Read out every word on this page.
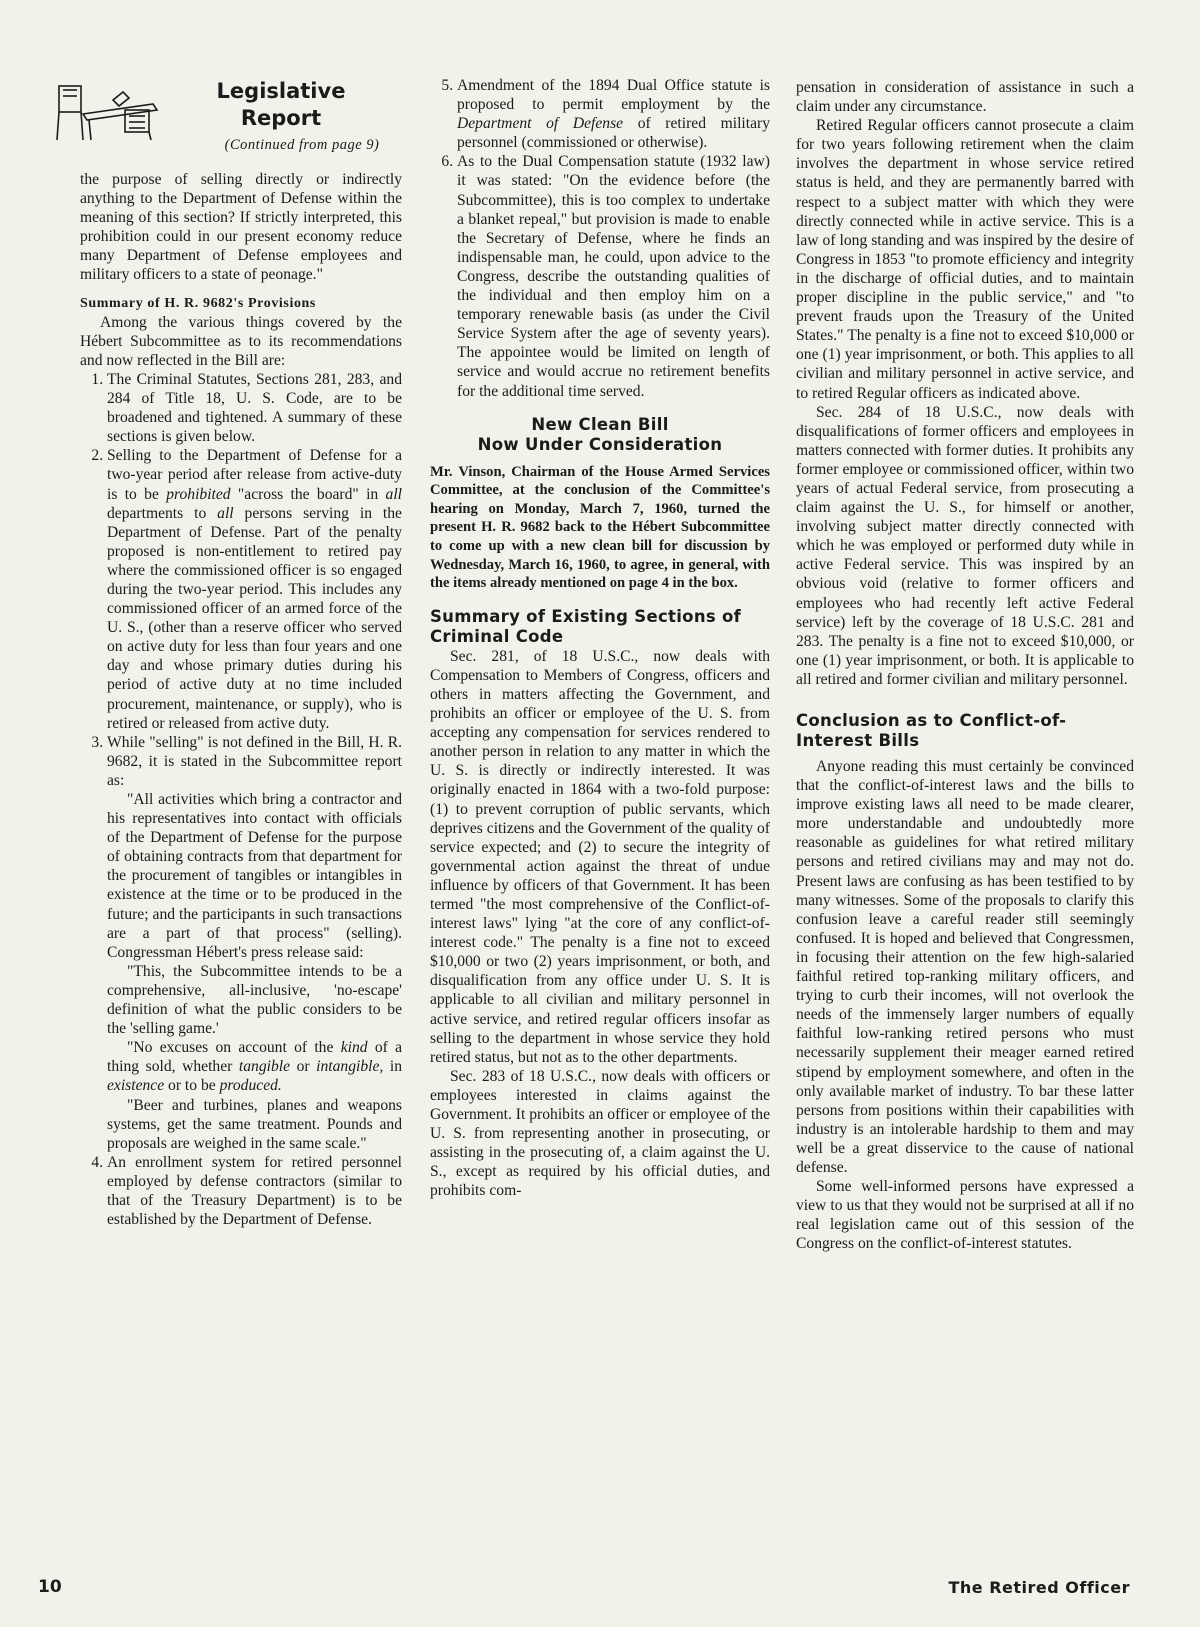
Legislative
Report
(Continued from page 9)

the purpose of selling directly or indirectly anything to the Department of Defense within the meaning of this section? If strictly interpreted, this prohibition could in our present economy reduce many Department of Defense employees and military officers to a state of peonage."

Summary of H. R. 9682's Provisions

Among the various things covered by the Hébert Subcommittee as to its recommendations and now reflected in the Bill are:

1. The Criminal Statutes, Sections 281, 283, and 284 of Title 18, U. S. Code, are to be broadened and tightened. A summary of these sections is given below.
2. Selling to the Department of Defense for a two-year period after release from active-duty is to be prohibited "across the board" in all departments to all persons serving in the Department of Defense. Part of the penalty proposed is non-entitlement to retired pay where the commissioned officer is so engaged during the two-year period. This includes any commissioned officer of an armed force of the U. S., (other than a reserve officer who served on active duty for less than four years and one day and whose primary duties during his period of active duty at no time included procurement, maintenance, or supply), who is retired or released from active duty.
3. While "selling" is not defined in the Bill, H. R. 9682, it is stated in the Subcommittee report as:

"All activities which bring a contractor and his representatives into contact with officials of the Department of Defense for the purpose of obtaining contracts from that department for the procurement of tangibles or intangibles in existence at the time or to be produced in the future; and the participants in such transactions are a part of that process" (selling). Congressman Hébert's press release said:

"This, the Subcommittee intends to be a comprehensive, all-inclusive, 'no-escape' definition of what the public considers to be the 'selling game.'

"No excuses on account of the kind of a thing sold, whether tangible or intangible, in existence or to be produced.

"Beer and turbines, planes and weapons systems, get the same treatment. Pounds and proposals are weighed in the same scale."

4. An enrollment system for retired personnel employed by defense contractors (similar to that of the Treasury Department) is to be established by the Department of Defense.
5. Amendment of the 1894 Dual Office statute is proposed to permit employment by the Department of Defense of retired military personnel (commissioned or otherwise).
6. As to the Dual Compensation statute (1932 law) it was stated: "On the evidence before (the Subcommittee), this is too complex to undertake a blanket repeal," but provision is made to enable the Secretary of Defense, where he finds an indispensable man, he could, upon advice to the Congress, describe the outstanding qualities of the individual and then employ him on a temporary renewable basis (as under the Civil Service System after the age of seventy years). The appointee would be limited on length of service and would accrue no retirement benefits for the additional time served.
New Clean Bill
Now Under Consideration

Mr. Vinson, Chairman of the House Armed Services Committee, at the conclusion of the Committee's hearing on Monday, March 7, 1960, turned the present H. R. 9682 back to the Hébert Subcommittee to come up with a new clean bill for discussion by Wednesday, March 16, 1960, to agree, in general, with the items already mentioned on page 4 in the box.

Summary of Existing Sections of Criminal Code

Sec. 281, of 18 U.S.C., now deals with Compensation to Members of Congress, officers and others in matters affecting the Government, and prohibits an officer or employee of the U. S. from accepting any compensation for services rendered to another person in relation to any matter in which the U. S. is directly or indirectly interested. It was originally enacted in 1864 with a two-fold purpose: (1) to prevent corruption of public servants, which deprives citizens and the Government of the quality of service expected; and (2) to secure the integrity of governmental action against the threat of undue influence by officers of that Government. It has been termed "the most comprehensive of the Conflict-of-interest laws" lying "at the core of any conflict-of-interest code." The penalty is a fine not to exceed $10,000 or two (2) years imprisonment, or both, and disqualification from any office under U. S. It is applicable to all civilian and military personnel in active service, and retired regular officers insofar as selling to the department in whose service they hold retired status, but not as to the other departments.

Sec. 283 of 18 U.S.C., now deals with officers or employees interested in claims against the Government. It prohibits an officer or employee of the U. S. from representing another in prosecuting, or assisting in the prosecuting of, a claim against the U. S., except as required by his official duties, and prohibits com-

pensation in consideration of assistance in such a claim under any circumstance.

Retired Regular officers cannot prosecute a claim for two years following retirement when the claim involves the department in whose service retired status is held, and they are permanently barred with respect to a subject matter with which they were directly connected while in active service. This is a law of long standing and was inspired by the desire of Congress in 1853 "to promote efficiency and integrity in the discharge of official duties, and to maintain proper discipline in the public service," and "to prevent frauds upon the Treasury of the United States." The penalty is a fine not to exceed $10,000 or one (1) year imprisonment, or both. This applies to all civilian and military personnel in active service, and to retired Regular officers as indicated above.

Sec. 284 of 18 U.S.C., now deals with disqualifications of former officers and employees in matters connected with former duties. It prohibits any former employee or commissioned officer, within two years of actual Federal service, from prosecuting a claim against the U. S., for himself or another, involving subject matter directly connected with which he was employed or performed duty while in active Federal service. This was inspired by an obvious void (relative to former officers and employees who had recently left active Federal service) left by the coverage of 18 U.S.C. 281 and 283. The penalty is a fine not to exceed $10,000, or one (1) year imprisonment, or both. It is applicable to all retired and former civilian and military personnel.

Conclusion as to Conflict-of-Interest Bills

Anyone reading this must certainly be convinced that the conflict-of-interest laws and the bills to improve existing laws all need to be made clearer, more understandable and undoubtedly more reasonable as guidelines for what retired military persons and retired civilians may and may not do. Present laws are confusing as has been testified to by many witnesses. Some of the proposals to clarify this confusion leave a careful reader still seemingly confused. It is hoped and believed that Congressmen, in focusing their attention on the few high-salaried faithful retired top-ranking military officers, and trying to curb their incomes, will not overlook the needs of the immensely larger numbers of equally faithful low-ranking retired persons who must necessarily supplement their meager earned retired stipend by employment somewhere, and often in the only available market of industry. To bar these latter persons from positions within their capabilities with industry is an intolerable hardship to them and may well be a great disservice to the cause of national defense.

Some well-informed persons have expressed a view to us that they would not be surprised at all if no real legislation came out of this session of the Congress on the conflict-of-interest statutes.

10	The Retired Officer
